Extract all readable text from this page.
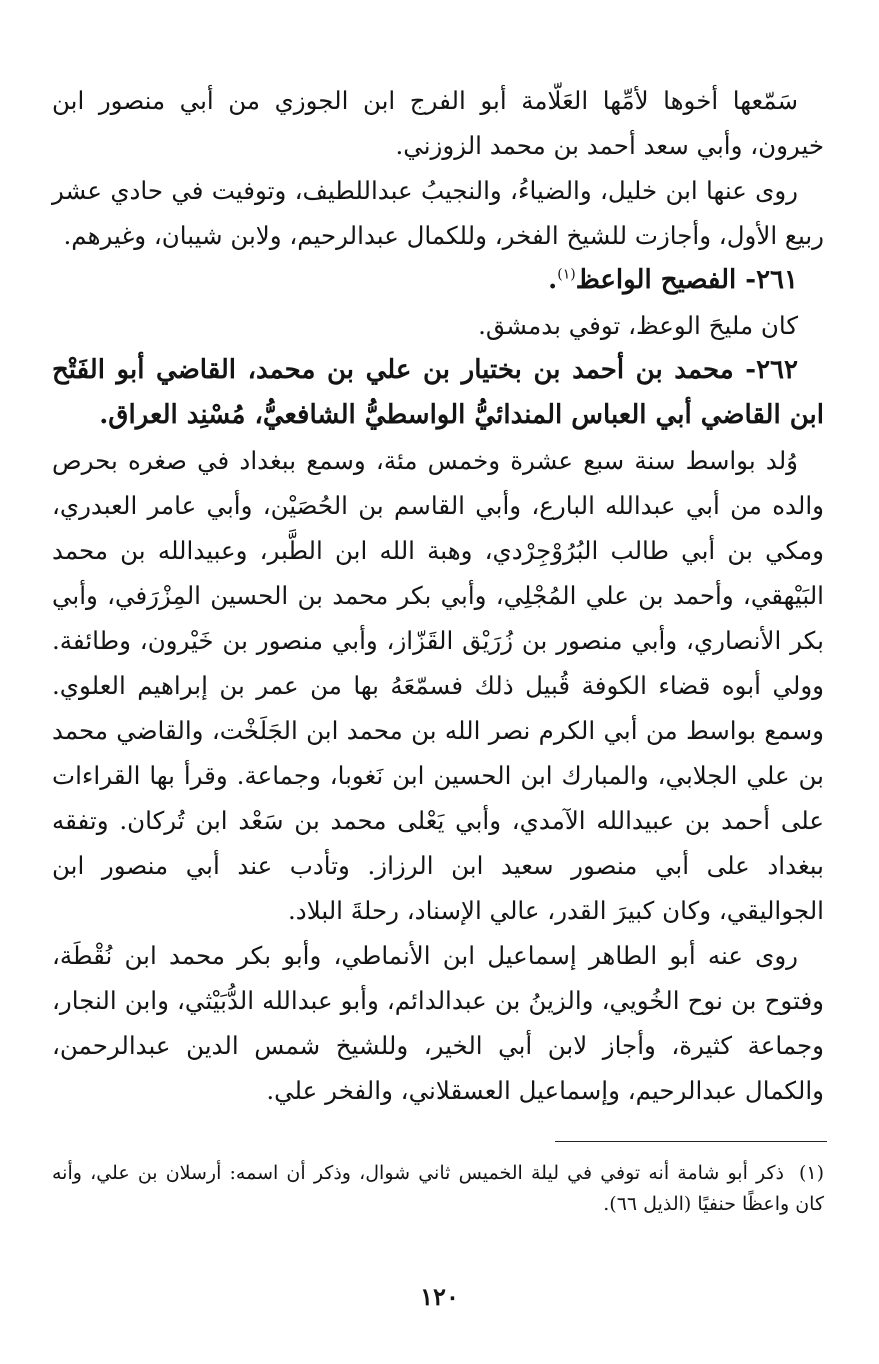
سَمّعها أخوها لأمِّها العَلّامة أبو الفرج ابن الجوزي من أبي منصور ابن خيرون، وأبي سعد أحمد بن محمد الزوزني.

روى عنها ابن خليل، والضياءُ، والنجيبُ عبداللطيف، وتوفيت في حادي عشر ربيع الأول، وأجازت للشيخ الفخر، وللكمال عبدالرحيم، ولابن شيبان، وغيرهم.

٢٦١- الفصيح الواعظ$^{(١)}$.

كان مليحَ الوعظ، توفي بدمشق.

٢٦٢- محمد بن أحمد بن بختيار بن علي بن محمد، القاضي أبو الفَتْح ابن القاضي أبي العباس المندائيُّ الواسطيُّ الشافعيُّ، مُسْنِد العراق.

وُلد بواسط سنة سبع عشرة وخمس مئة، وسمع ببغداد في صغره بحرص والده من أبي عبدالله البارع، وأبي القاسم بن الحُصَيْن، وأبي عامر العبدري، ومكي بن أبي طالب البُرُوْجِرْدي، وهبة الله ابن الطَّبر، وعبيدالله بن محمد البَيْهقي، وأحمد بن علي المُجْلِي، وأبي بكر محمد بن الحسين المِزْرَفي، وأبي بكر الأنصاري، وأبي منصور بن زُرَيْق القَزّاز، وأبي منصور بن خَيْرون، وطائفة. وولي أبوه قضاء الكوفة قُبيل ذلك فسمّعَهُ بها من عمر بن إبراهيم العلوي. وسمع بواسط من أبي الكرم نصر الله بن محمد ابن الجَلَخْت، والقاضي محمد بن علي الجلابي، والمبارك ابن الحسين ابن نَغوبا، وجماعة. وقرأ بها القراءات على أحمد بن عبيدالله الآمدي، وأبي يَعْلى محمد بن سَعْد ابن تُركان. وتفقه ببغداد على أبي منصور سعيد ابن الرزاز. وتأدب عند أبي منصور ابن الجواليقي، وكان كبيرَ القدر، عالي الإسناد، رحلةَ البلاد.

روى عنه أبو الطاهر إسماعيل ابن الأنماطي، وأبو بكر محمد ابن نُقْطَة، وفتوح بن نوح الخُويي، والزينُ بن عبدالدائم، وأبو عبدالله الدُّبَيْثي، وابن النجار، وجماعة كثيرة، وأجاز لابن أبي الخير، وللشيخ شمس الدين عبدالرحمن، والكمال عبدالرحيم، وإسماعيل العسقلاني، والفخر علي.

(١)ذكر أبو شامة أنه توفي في ليلة الخميس ثاني شوال، وذكر أن اسمه: أرسلان بن علي، وأنه كان واعظًا حنفيًا (الذيل ٦٦).
١٢٠
